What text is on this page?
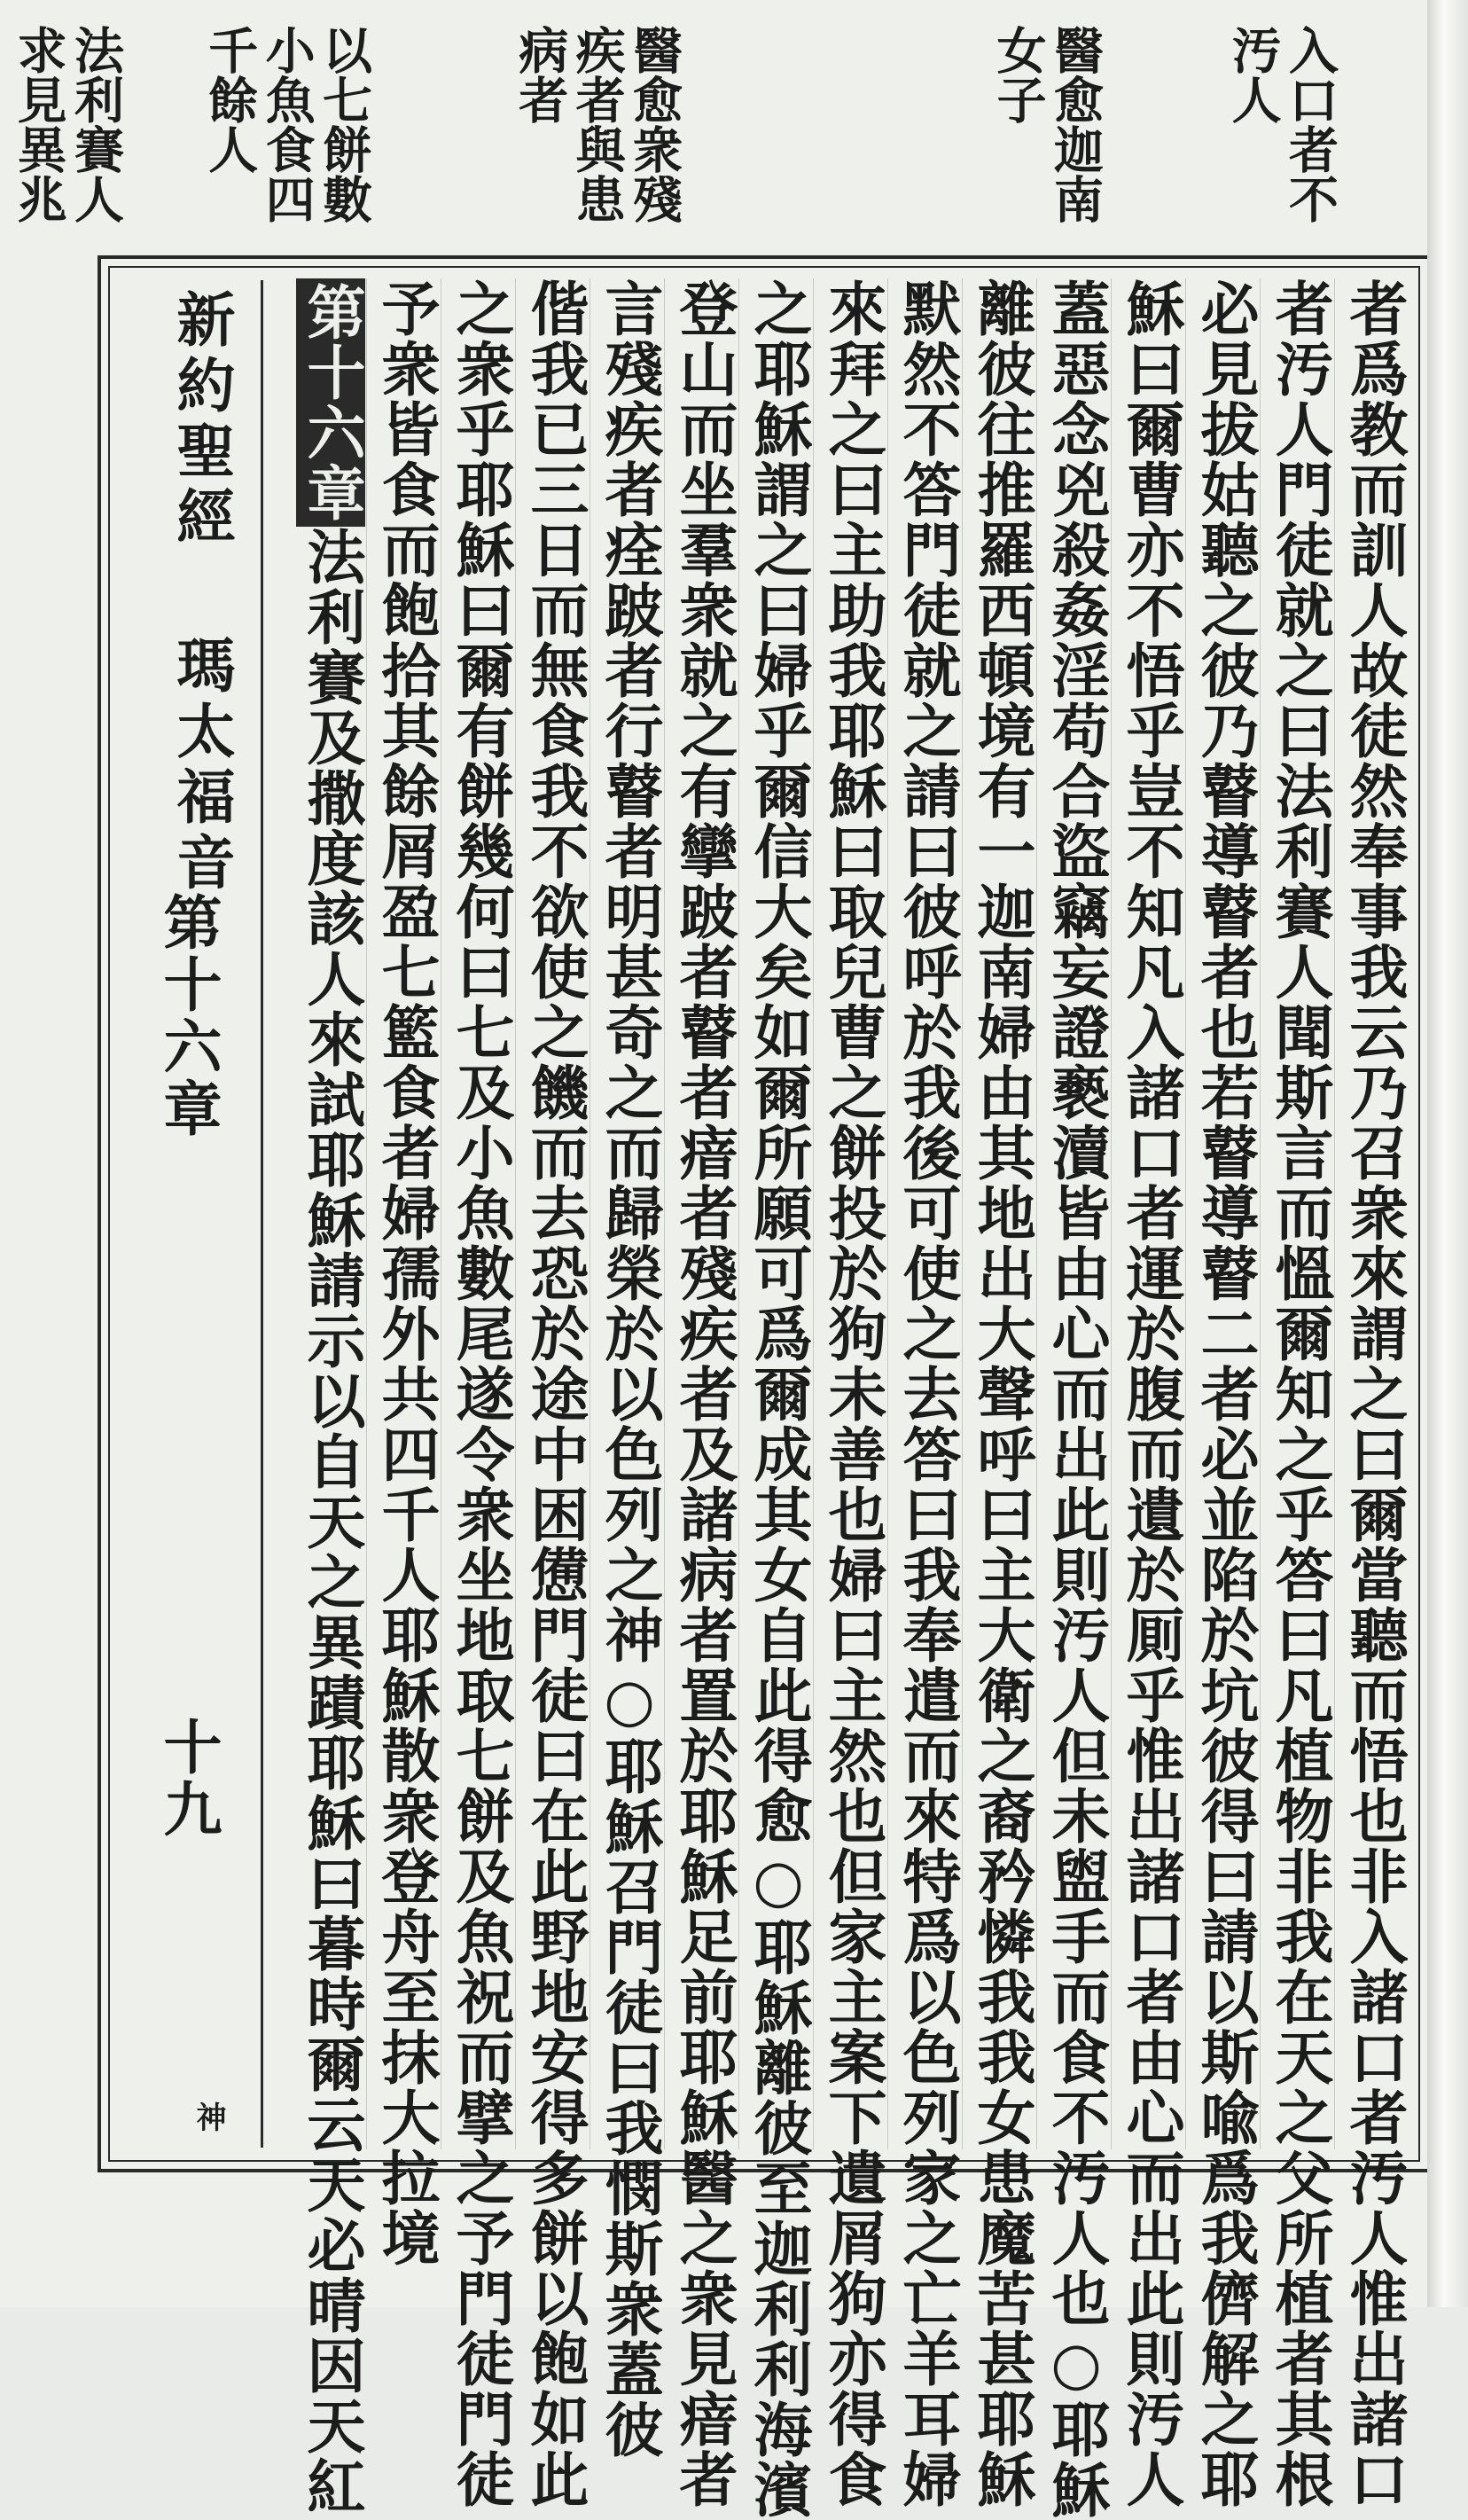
入口者不汚人
醫愈迦南女子
醫愈衆殘疾者與患病者
以七餅數小魚食四千餘人
法利賽人求見異兆
新約聖經
瑪太福音
第十六章
十九
神	者爲教而訓人故徒然奉事我云乃召衆來謂之曰爾當聽而悟也非入諸口者汚人惟出諸口
者汚人門徒就之曰法利賽人聞斯言而慍爾知之乎答曰凡植物非我在天之父所植者其根
必見拔姑聽之彼乃瞽導瞽者也若瞽導瞽二者必並陷於坑彼得曰請以斯喩爲我儕解之耶
穌曰爾曹亦不悟乎豈不知凡入諸口者運於腹而遺於厠乎惟出諸口者由心而出此則汚人
蓋惡念兇殺姦淫苟合盜竊妄證褻瀆皆由心而出此則汚人但未盥手而食不汚人也○耶穌
離彼往推羅西頓境有一迦南婦由其地出大聲呼曰主大衛之裔矜憐我我女患魔苦甚耶穌
默然不答門徒就之請曰彼呼於我後可使之去答曰我奉遣而來特爲以色列家之亡羊耳婦
來拜之曰主助我耶穌曰取兒曹之餅投於狗未善也婦曰主然也但家主案下遺屑狗亦得食
之耶穌謂之曰婦乎爾信大矣如爾所願可爲爾成其女自此得愈○耶穌離彼至迦利利海濱
登山而坐羣衆就之有攣跛者瞽者瘖者殘疾者及諸病者置於耶穌足前耶穌醫之衆見瘖者
言殘疾者痊跛者行瞽者明甚奇之而歸榮於以色列之神○耶穌召門徒曰我憫斯衆蓋彼
偕我已三日而無食我不欲使之饑而去恐於途中困憊門徒曰在此野地安得多餅以飽如此
之衆乎耶穌曰爾有餅幾何曰七及小魚數尾遂令衆坐地取七餅及魚祝而擘之予門徒門徒
予衆皆食而飽拾其餘屑盈七籃食者婦孺外共四千人耶穌散衆登舟至抹大拉境
第十六章法利賽及撒度該人來試耶穌請示以自天之異蹟耶穌曰暮時爾云天必晴因天紅
